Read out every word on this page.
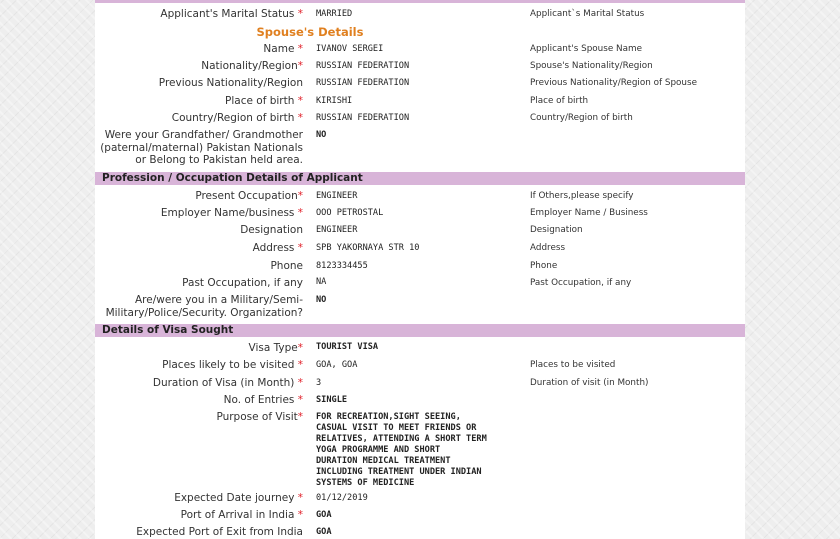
Applicant's Marital Status * MARRIED	Applicant`s Marital Status
Spouse's Details
Name * IVANOV SERGEI	Applicant's Spouse Name
Nationality/Region* RUSSIAN FEDERATION	Spouse's Nationality/Region
Previous Nationality/Region RUSSIAN FEDERATION	Previous Nationality/Region of Spouse
Place of birth * KIRISHI	Place of birth
Country/Region of birth * RUSSIAN FEDERATION	Country/Region of birth
Were your Grandfather/ Grandmother
(paternal/maternal) Pakistan Nationals
or Belong to Pakistan held area.
NO
Profession / Occupation Details of Applicant
Present Occupation* ENGINEER	If Others,please specify
Employer Name/business * OOO PETROSTAL	Employer Name / Business
Designation ENGINEER	Designation
Address * SPB YAKORNAYA STR 10	Address
Phone 8123334455	Phone
Past Occupation, if any NA	Past Occupation, if any
Are/were you in a Military/Semi-
Military/Police/Security. Organization?
NO
Details of Visa Sought
Visa Type* TOURIST VISA
Places likely to be visited * GOA, GOA	Places to be visited
Duration of Visa (in Month) * 3	Duration of visit (in Month)
No. of Entries * SINGLE
Purpose of Visit* FOR RECREATION,SIGHT SEEING,
CASUAL VISIT TO MEET FRIENDS OR
RELATIVES, ATTENDING A SHORT TERM
YOGA PROGRAMME AND SHORT
DURATION MEDICAL TREATMENT
INCLUDING TREATMENT UNDER INDIAN
SYSTEMS OF MEDICINE
Expected Date journey * 01/12/2019
Port of Arrival in India * GOA
Expected Port of Exit from India GOA
